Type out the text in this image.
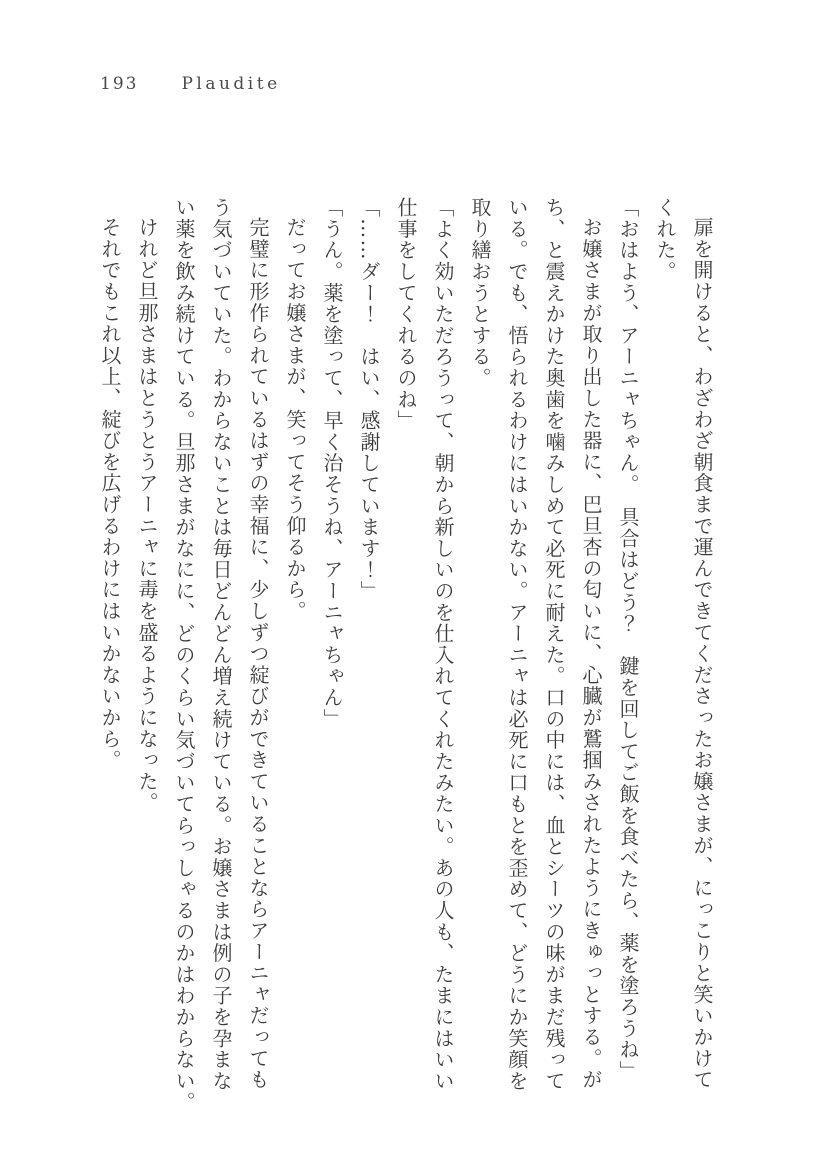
193	Plaudite

扉を開けると、わざわざ朝食まで運んできてくださったお嬢さまが、にっこりと笑いかけて

くれた。

「おはよう、アーニャちゃん。　具合はどう？　鍵を回してご飯を食べたら、薬を塗ろうね」

お嬢さまが取り出した器に、巴旦杏の匂いに、心臓が鷲掴みされたようにきゅっとする。が

ち、と震えかけた奥歯を噛みしめて必死に耐えた。口の中には、血とシーツの味がまだ残って

いる。でも、悟られるわけにはいかない。アーニャは必死に口もとを歪めて、どうにか笑顔を

取り繕おうとする。

「よく効いただろうって、朝から新しいのを仕入れてくれたみたい。あの人も、たまにはいい

仕事をしてくれるのね」

「……ダー！　はい、感謝しています！」

「うん。薬を塗って、早く治そうね、アーニャちゃん」

だってお嬢さまが、笑ってそう仰るから。

完璧に形作られているはずの幸福に、少しずつ綻びができていることならアーニャだっても

う気づいていた。わからないことは毎日どんどん増え続けている。お嬢さまは例の子を孕まな

い薬を飲み続けている。旦那さまがなにに、どのくらい気づいてらっしゃるのかはわからない。

けれど旦那さまはとうとうアーニャに毒を盛るようになった。

それでもこれ以上、綻びを広げるわけにはいかないから。
